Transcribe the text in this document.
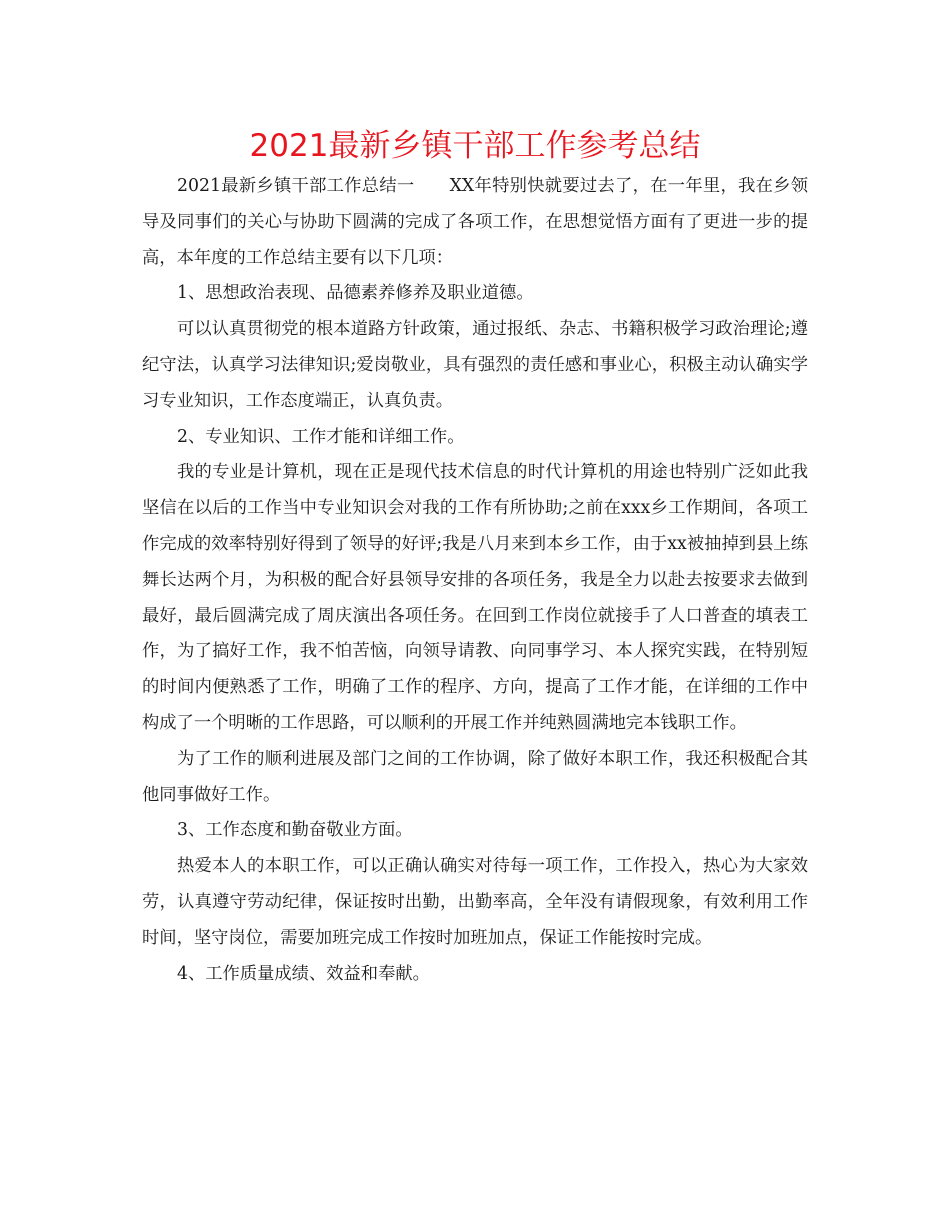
2021最新乡镇干部工作参考总结

2021最新乡镇干部工作总结一　　XX年特别快就要过去了，在一年里，我在乡领导及同事们的关心与协助下圆满的完成了各项工作，在思想觉悟方面有了更进一步的提高，本年度的工作总结主要有以下几项：

1、思想政治表现、品德素养修养及职业道德。

可以认真贯彻党的根本道路方针政策，通过报纸、杂志、书籍积极学习政治理论;遵纪守法，认真学习法律知识;爱岗敬业，具有强烈的责任感和事业心，积极主动认确实学习专业知识，工作态度端正，认真负责。

2、专业知识、工作才能和详细工作。

我的专业是计算机，现在正是现代技术信息的时代计算机的用途也特别广泛如此我坚信在以后的工作当中专业知识会对我的工作有所协助;之前在xxx乡工作期间，各项工作完成的效率特别好得到了领导的好评;我是八月来到本乡工作，由于xx被抽掉到县上练舞长达两个月，为积极的配合好县领导安排的各项任务，我是全力以赴去按要求去做到最好，最后圆满完成了周庆演出各项任务。在回到工作岗位就接手了人口普查的填表工作，为了搞好工作，我不怕苦恼，向领导请教、向同事学习、本人探究实践，在特别短的时间内便熟悉了工作，明确了工作的程序、方向，提高了工作才能，在详细的工作中构成了一个明晰的工作思路，可以顺利的开展工作并纯熟圆满地完本钱职工作。

为了工作的顺利进展及部门之间的工作协调，除了做好本职工作，我还积极配合其他同事做好工作。

3、工作态度和勤奋敬业方面。

热爱本人的本职工作，可以正确认确实对待每一项工作，工作投入，热心为大家效劳，认真遵守劳动纪律，保证按时出勤，出勤率高，全年没有请假现象，有效利用工作时间，坚守岗位，需要加班完成工作按时加班加点，保证工作能按时完成。

4、工作质量成绩、效益和奉献。
